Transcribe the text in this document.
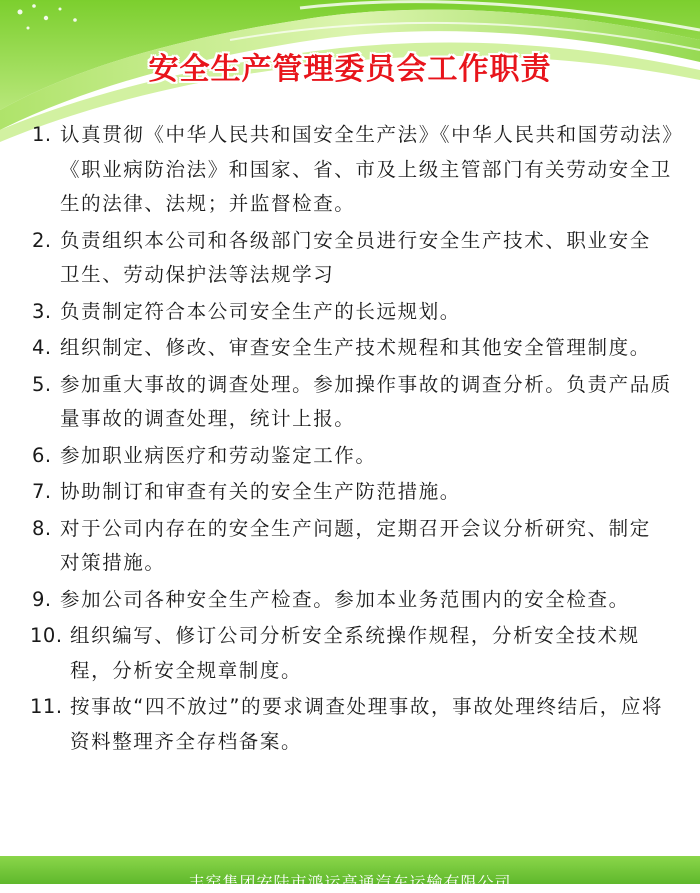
安全生产管理委员会工作职责
1. 认真贯彻《中华人民共和国安全生产法》《中华人民共和国劳动法》《职业病防治法》和国家、省、市及上级主管部门有关劳动安全卫生的法律、法规；并监督检查。
2. 负责组织本公司和各级部门安全员进行安全生产技术、职业安全 卫生、劳动保护法等法规学习
3. 负责制定符合本公司安全生产的长远规划。
4. 组织制定、修改、审查安全生产技术规程和其他安全管理制度。
5. 参加重大事故的调查处理。参加操作事故的调查分析。负责产品质量事故的调查处理，统计上报。
6. 参加职业病医疗和劳动鉴定工作。
7. 协助制订和审查有关的安全生产防范措施。
8. 对于公司内存在的安全生产问题，定期召开会议分析研究、制定 对策措施。
9. 参加公司各种安全生产检查。参加本业务范围内的安全检查。
10. 组织编写、修订公司分析安全系统操作规程，分析安全技术规程，分析安全规章制度。
11. 按事故“四不放过”的要求调查处理事故，事故处理终结后，应将资料整理齐全存档备案。
丰窑集团安陆市鸿运高通汽车运输有限公司
